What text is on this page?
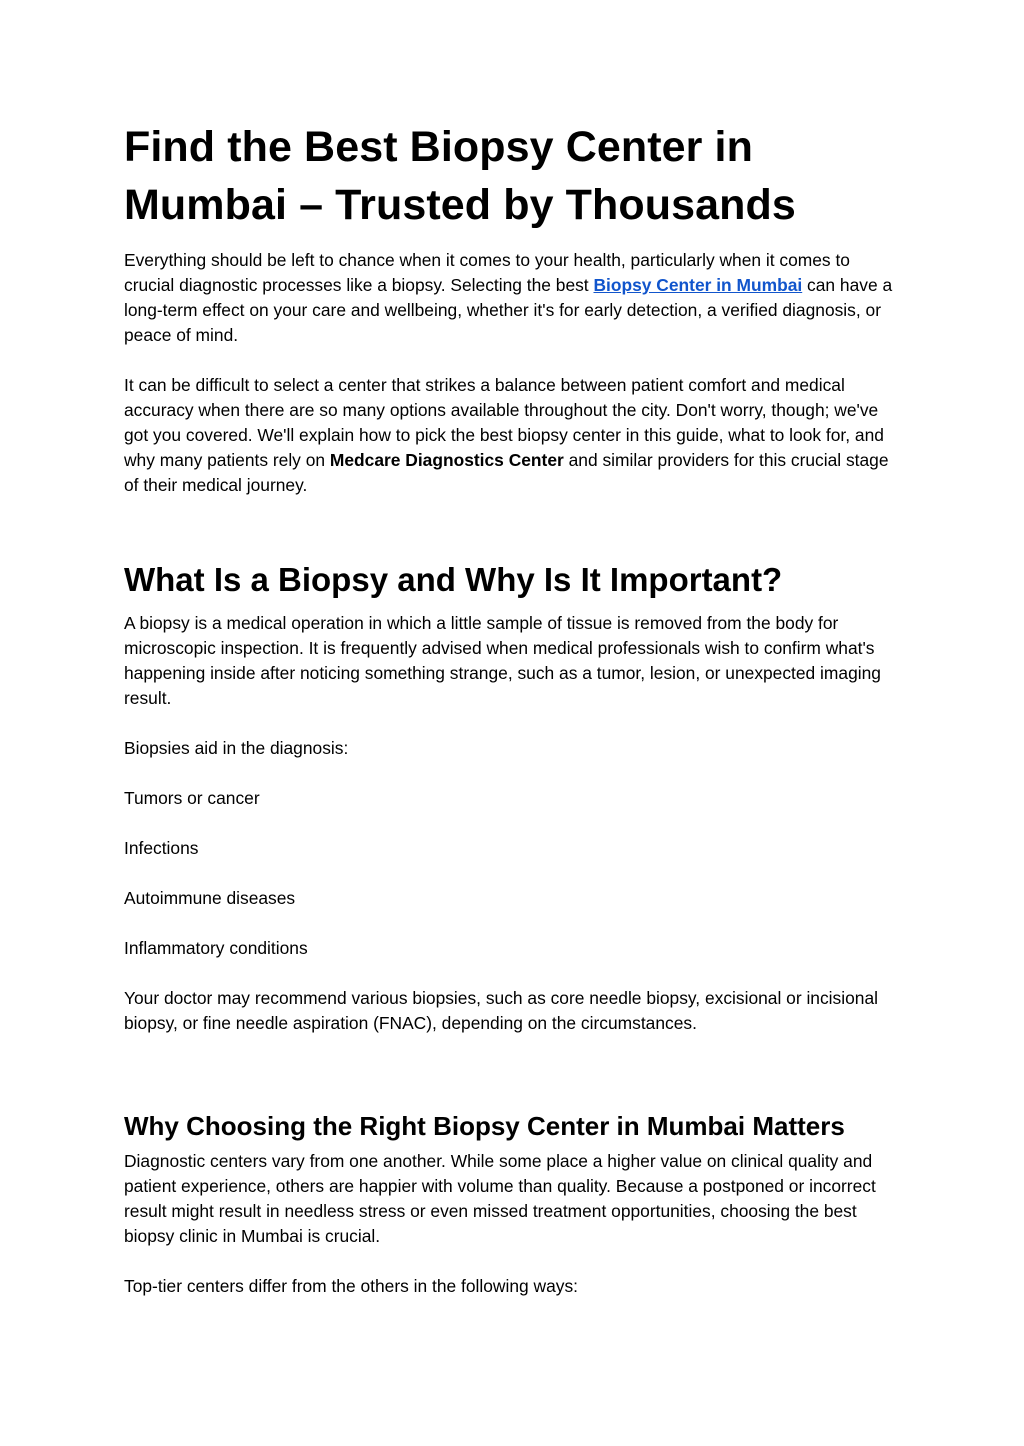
Find the Best Biopsy Center in Mumbai – Trusted by Thousands

Everything should be left to chance when it comes to your health, particularly when it comes to crucial diagnostic processes like a biopsy. Selecting the best Biopsy Center in Mumbai can have a long-term effect on your care and wellbeing, whether it's for early detection, a verified diagnosis, or peace of mind.

It can be difficult to select a center that strikes a balance between patient comfort and medical accuracy when there are so many options available throughout the city. Don't worry, though; we've got you covered. We'll explain how to pick the best biopsy center in this guide, what to look for, and why many patients rely on Medcare Diagnostics Center and similar providers for this crucial stage of their medical journey.

What Is a Biopsy and Why Is It Important?

A biopsy is a medical operation in which a little sample of tissue is removed from the body for microscopic inspection. It is frequently advised when medical professionals wish to confirm what's happening inside after noticing something strange, such as a tumor, lesion, or unexpected imaging result.

Biopsies aid in the diagnosis:

Tumors or cancer

Infections

Autoimmune diseases

Inflammatory conditions

Your doctor may recommend various biopsies, such as core needle biopsy, excisional or incisional biopsy, or fine needle aspiration (FNAC), depending on the circumstances.

Why Choosing the Right Biopsy Center in Mumbai Matters

Diagnostic centers vary from one another. While some place a higher value on clinical quality and patient experience, others are happier with volume than quality. Because a postponed or incorrect result might result in needless stress or even missed treatment opportunities, choosing the best biopsy clinic in Mumbai is crucial.

Top-tier centers differ from the others in the following ways:
